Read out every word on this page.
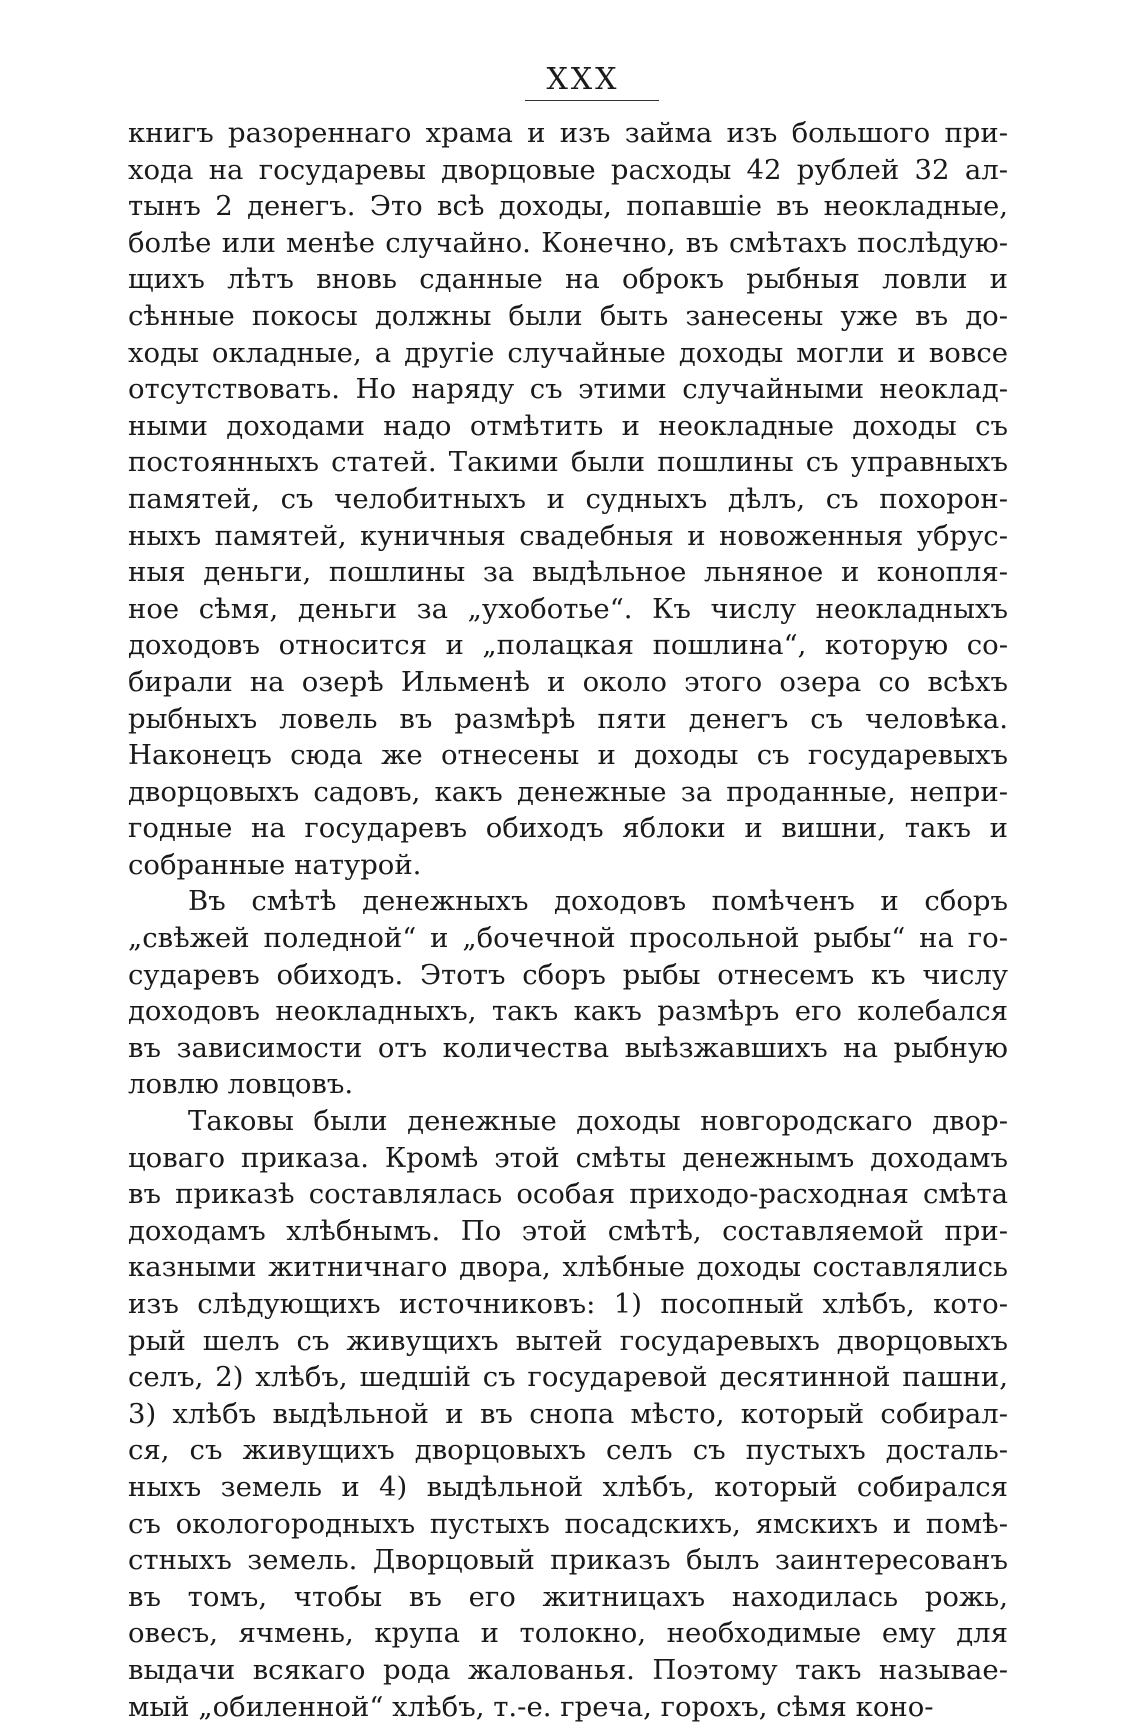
XXX
книгъ разореннаго храма и изъ займа изъ большого при-
хода на государевы дворцовые расходы 42 рублей 32 ал-
тынъ 2 денегъ. Это всѣ доходы, попавшіе въ неокладные,
болѣе или менѣе случайно. Конечно, въ смѣтахъ послѣдую-
щихъ лѣтъ вновь сданные на оброкъ рыбныя ловли и
сѣнные покосы должны были быть занесены уже въ до-
ходы окладные, а другіе случайные доходы могли и вовсе
отсутствовать. Но наряду съ этими случайными неоклад-
ными доходами надо отмѣтить и неокладные доходы съ
постоянныхъ статей. Такими были пошлины съ управныхъ
памятей, съ челобитныхъ и судныхъ дѣлъ, съ похорон-
ныхъ памятей, куничныя свадебныя и новоженныя убрус-
ныя деньги, пошлины за выдѣльное льняное и конопля-
ное сѣмя, деньги за „ухоботье“. Къ числу неокладныхъ
доходовъ относится и „полацкая пошлина“, которую со-
бирали на озерѣ Ильменѣ и около этого озера со всѣхъ
рыбныхъ ловель въ размѣрѣ пяти денегъ съ человѣка.
Наконецъ сюда же отнесены и доходы съ государевыхъ
дворцовыхъ садовъ, какъ денежные за проданные, непри-
годные на государевъ обиходъ яблоки и вишни, такъ и
собранные натурой.
Въ смѣтѣ денежныхъ доходовъ помѣченъ и сборъ
„свѣжей поледной“ и „бочечной просольной рыбы“ на го-
сударевъ обиходъ. Этотъ сборъ рыбы отнесемъ къ числу
доходовъ неокладныхъ, такъ какъ размѣръ его колебался
въ зависимости отъ количества выѣзжавшихъ на рыбную
ловлю ловцовъ.
Таковы были денежные доходы новгородскаго двор-
цоваго приказа. Кромѣ этой смѣты денежнымъ доходамъ
въ приказѣ составлялась особая приходо-расходная смѣта
доходамъ хлѣбнымъ. По этой смѣтѣ, составляемой при-
казными житничнаго двора, хлѣбные доходы составлялись
изъ слѣдующихъ источниковъ: 1) посопный хлѣбъ, кото-
рый шелъ съ живущихъ вытей государевыхъ дворцовыхъ
селъ, 2) хлѣбъ, шедшій съ государевой десятинной пашни,
3) хлѣбъ выдѣльной и въ снопа мѣсто, который собирал-
ся, съ живущихъ дворцовыхъ селъ съ пустыхъ досталь-
ныхъ земель и 4) выдѣльной хлѣбъ, который собирался
съ окологородныхъ пустыхъ посадскихъ, ямскихъ и помѣ-
стныхъ земель. Дворцовый приказъ былъ заинтересованъ
въ томъ, чтобы въ его житницахъ находилась рожь,
овесъ, ячмень, крупа и толокно, необходимые ему для
выдачи всякаго рода жалованья. Поэтому такъ называе-
мый „обиленной“ хлѣбъ, т.-е. греча, горохъ, сѣмя коно-
